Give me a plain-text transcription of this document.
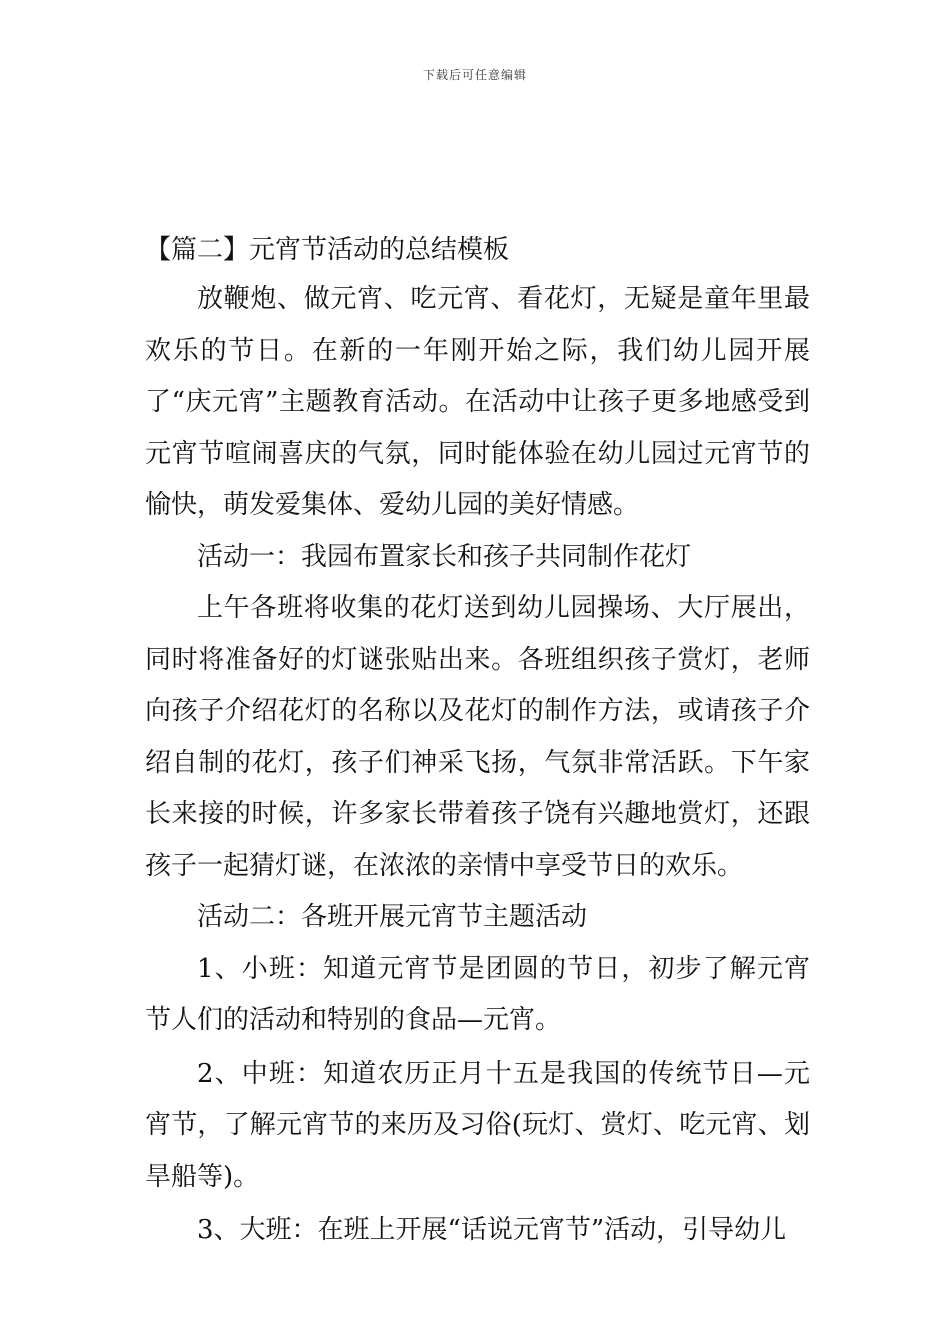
下载后可任意编辑
【篇二】元宵节活动的总结模板

放鞭炮、做元宵、吃元宵、看花灯，无疑是童年里最欢乐的节日。在新的一年刚开始之际，我们幼儿园开展了“庆元宵”主题教育活动。在活动中让孩子更多地感受到元宵节喧闹喜庆的气氛，同时能体验在幼儿园过元宵节的愉快，萌发爱集体、爱幼儿园的美好情感。

活动一：我园布置家长和孩子共同制作花灯

上午各班将收集的花灯送到幼儿园操场、大厅展出，同时将准备好的灯谜张贴出来。各班组织孩子赏灯，老师向孩子介绍花灯的名称以及花灯的制作方法，或请孩子介绍自制的花灯，孩子们神采飞扬，气氛非常活跃。下午家长来接的时候，许多家长带着孩子饶有兴趣地赏灯，还跟孩子一起猜灯谜，在浓浓的亲情中享受节日的欢乐。

活动二：各班开展元宵节主题活动

1、小班：知道元宵节是团圆的节日，初步了解元宵节人们的活动和特别的食品—元宵。

2、中班：知道农历正月十五是我国的传统节日—元宵节，了解元宵节的来历及习俗(玩灯、赏灯、吃元宵、划旱船等)。

3、大班：在班上开展“话说元宵节”活动，引导幼儿
